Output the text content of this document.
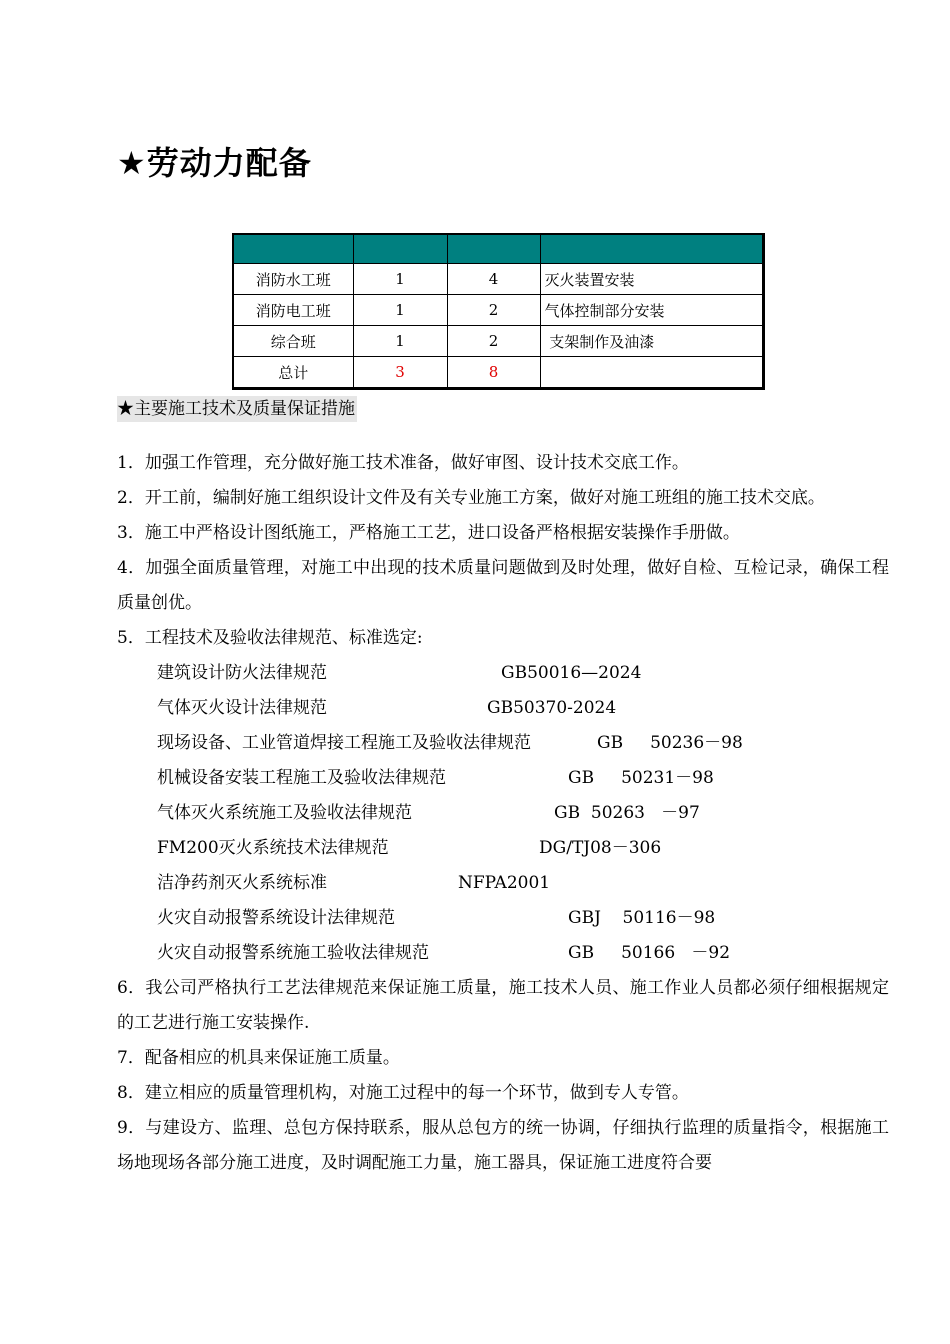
★劳动力配备

消防水工班	1	4	灭火装置安装
消防电工班	1	2	气体控制部分安装
综合班	1	2	支架制作及油漆
总计	3	8	
★主要施工技术及质量保证措施

1．加强工作管理，充分做好施工技术准备，做好审图、设计技术交底工作。

2．开工前，编制好施工组织设计文件及有关专业施工方案，做好对施工班组的施工技术交底。

3．施工中严格设计图纸施工，严格施工工艺，进口设备严格根据安装操作手册做。

4．加强全面质量管理，对施工中出现的技术质量问题做到及时处理，做好自检、互检记录，确保工程质量创优。

5．工程技术及验收法律规范、标准选定:

建筑设计防火法律规范	GB50016—2024
气体灭火设计法律规范	GB50370-2024
现场设备、工业管道焊接工程施工及验收法律规范	GB     50236－98
机械设备安装工程施工及验收法律规范	GB     50231－98
气体灭火系统施工及验收法律规范	GB  50263   －97
FM200灭火系统技术法律规范	DG/TJ08－306
洁净药剂灭火系统标准	NFPA2001
火灾自动报警系统设计法律规范	GBJ    50116－98
火灾自动报警系统施工验收法律规范	GB     50166   －92

6．我公司严格执行工艺法律规范来保证施工质量，施工技术人员、施工作业人员都必须仔细根据规定的工艺进行施工安装操作.

7．配备相应的机具来保证施工质量。

8．建立相应的质量管理机构，对施工过程中的每一个环节，做到专人专管。

9．与建设方、监理、总包方保持联系，服从总包方的统一协调，仔细执行监理的质量指令，根据施工场地现场各部分施工进度，及时调配施工力量，施工器具，保证施工进度符合要
